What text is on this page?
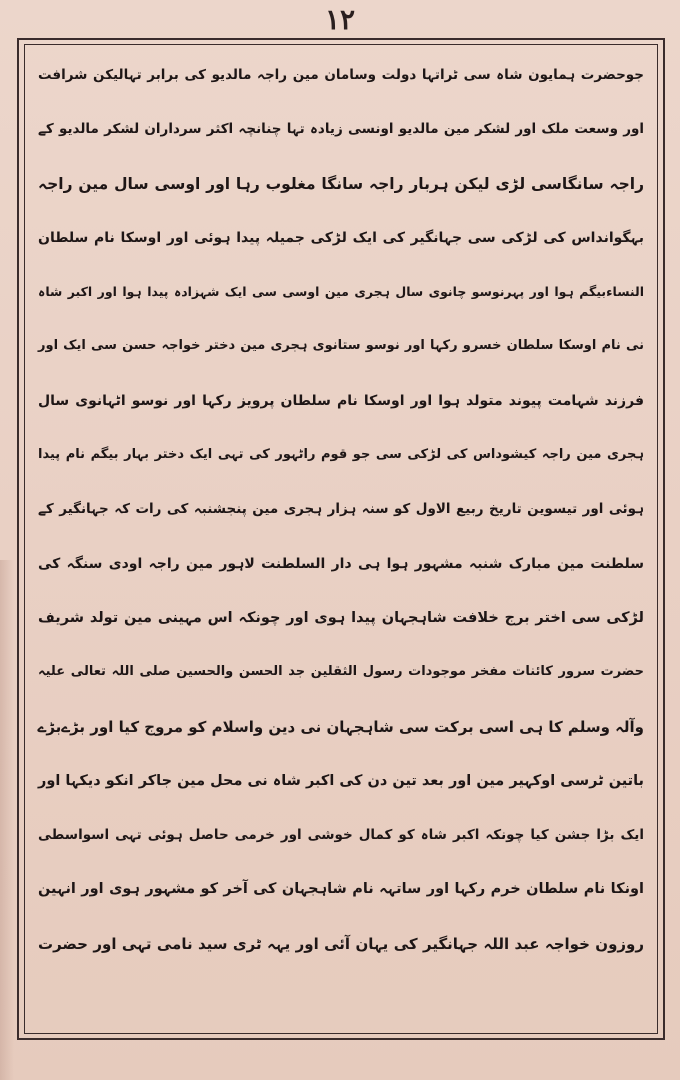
۱۲
جوحضرت ہمایون شاہ سی ٹراتہا دولت وسامان مین راجہ مالدیو کی برابر تہالیکن شرافت
اور وسعت ملک اور لشکر مین مالدیو اونسی زیادہ تہا چنانچہ اکثر سرداران لشکر مالدیو کے
راجہ سانگاسی لڑی لیکن ہربار راجہ سانگا مغلوب رہا اور اوسی سال مین راجہ
بہگوانداس کی لڑکی سی جہانگیر کی ایک لڑکی جمیلہ پیدا ہوئی اور اوسکا نام سلطان
النساءبیگم ہوا اور پہرنوسو چانوی سال ہجری مین اوسی سی ایک شہزادہ پیدا ہوا اور اکبر شاہ
نی نام اوسکا سلطان خسرو رکہا اور نوسو ستانوی ہجری مین دختر خواجہ حسن سی ایک اور
فرزند شہامت پیوند متولد ہوا اور اوسکا نام سلطان پرویز رکہا اور نوسو اٹہانوی سال
ہجری مین راجہ کیشوداس کی لڑکی سی جو قوم راٹہور کی تہی ایک دختر بہار بیگم نام پیدا
ہوئی اور تیسوین تاریخ ربیع الاول کو سنہ ہزار ہجری مین پنجشنبہ کی رات کہ جہانگیر کے
سلطنت مین مبارک شنبہ مشہور ہوا ہی دار السلطنت لاہور مین راجہ اودی سنگہ کی
لڑکی سی اختر برج خلافت شاہجہان پیدا ہوی اور چونکہ اس مہینی مین تولد شریف
حضرت سرور کائنات مفخر موجودات رسول الثقلین جد الحسن والحسین صلی اللہ تعالی علیہ
وآلہ وسلم کا ہی اسی برکت سی شاہجہان نی دین واسلام کو مروج کیا اور بڑےبڑے
باتین ٹرسی اوکہیر مین اور بعد تین دن کی اکبر شاہ نی محل مین جاکر انکو دیکہا اور
ایک بڑا جشن کیا چونکہ اکبر شاہ کو کمال خوشی اور خرمی حاصل ہوئی تہی اسواسطی
اونکا نام سلطان خرم رکہا اور ساتہہ نام شاہجہان کی آخر کو مشہور ہوی اور انہین
روزون خواجہ عبد اللہ جہانگیر کی یہان آئی اور یہہ ٹری سید نامی تہی اور حضرت
